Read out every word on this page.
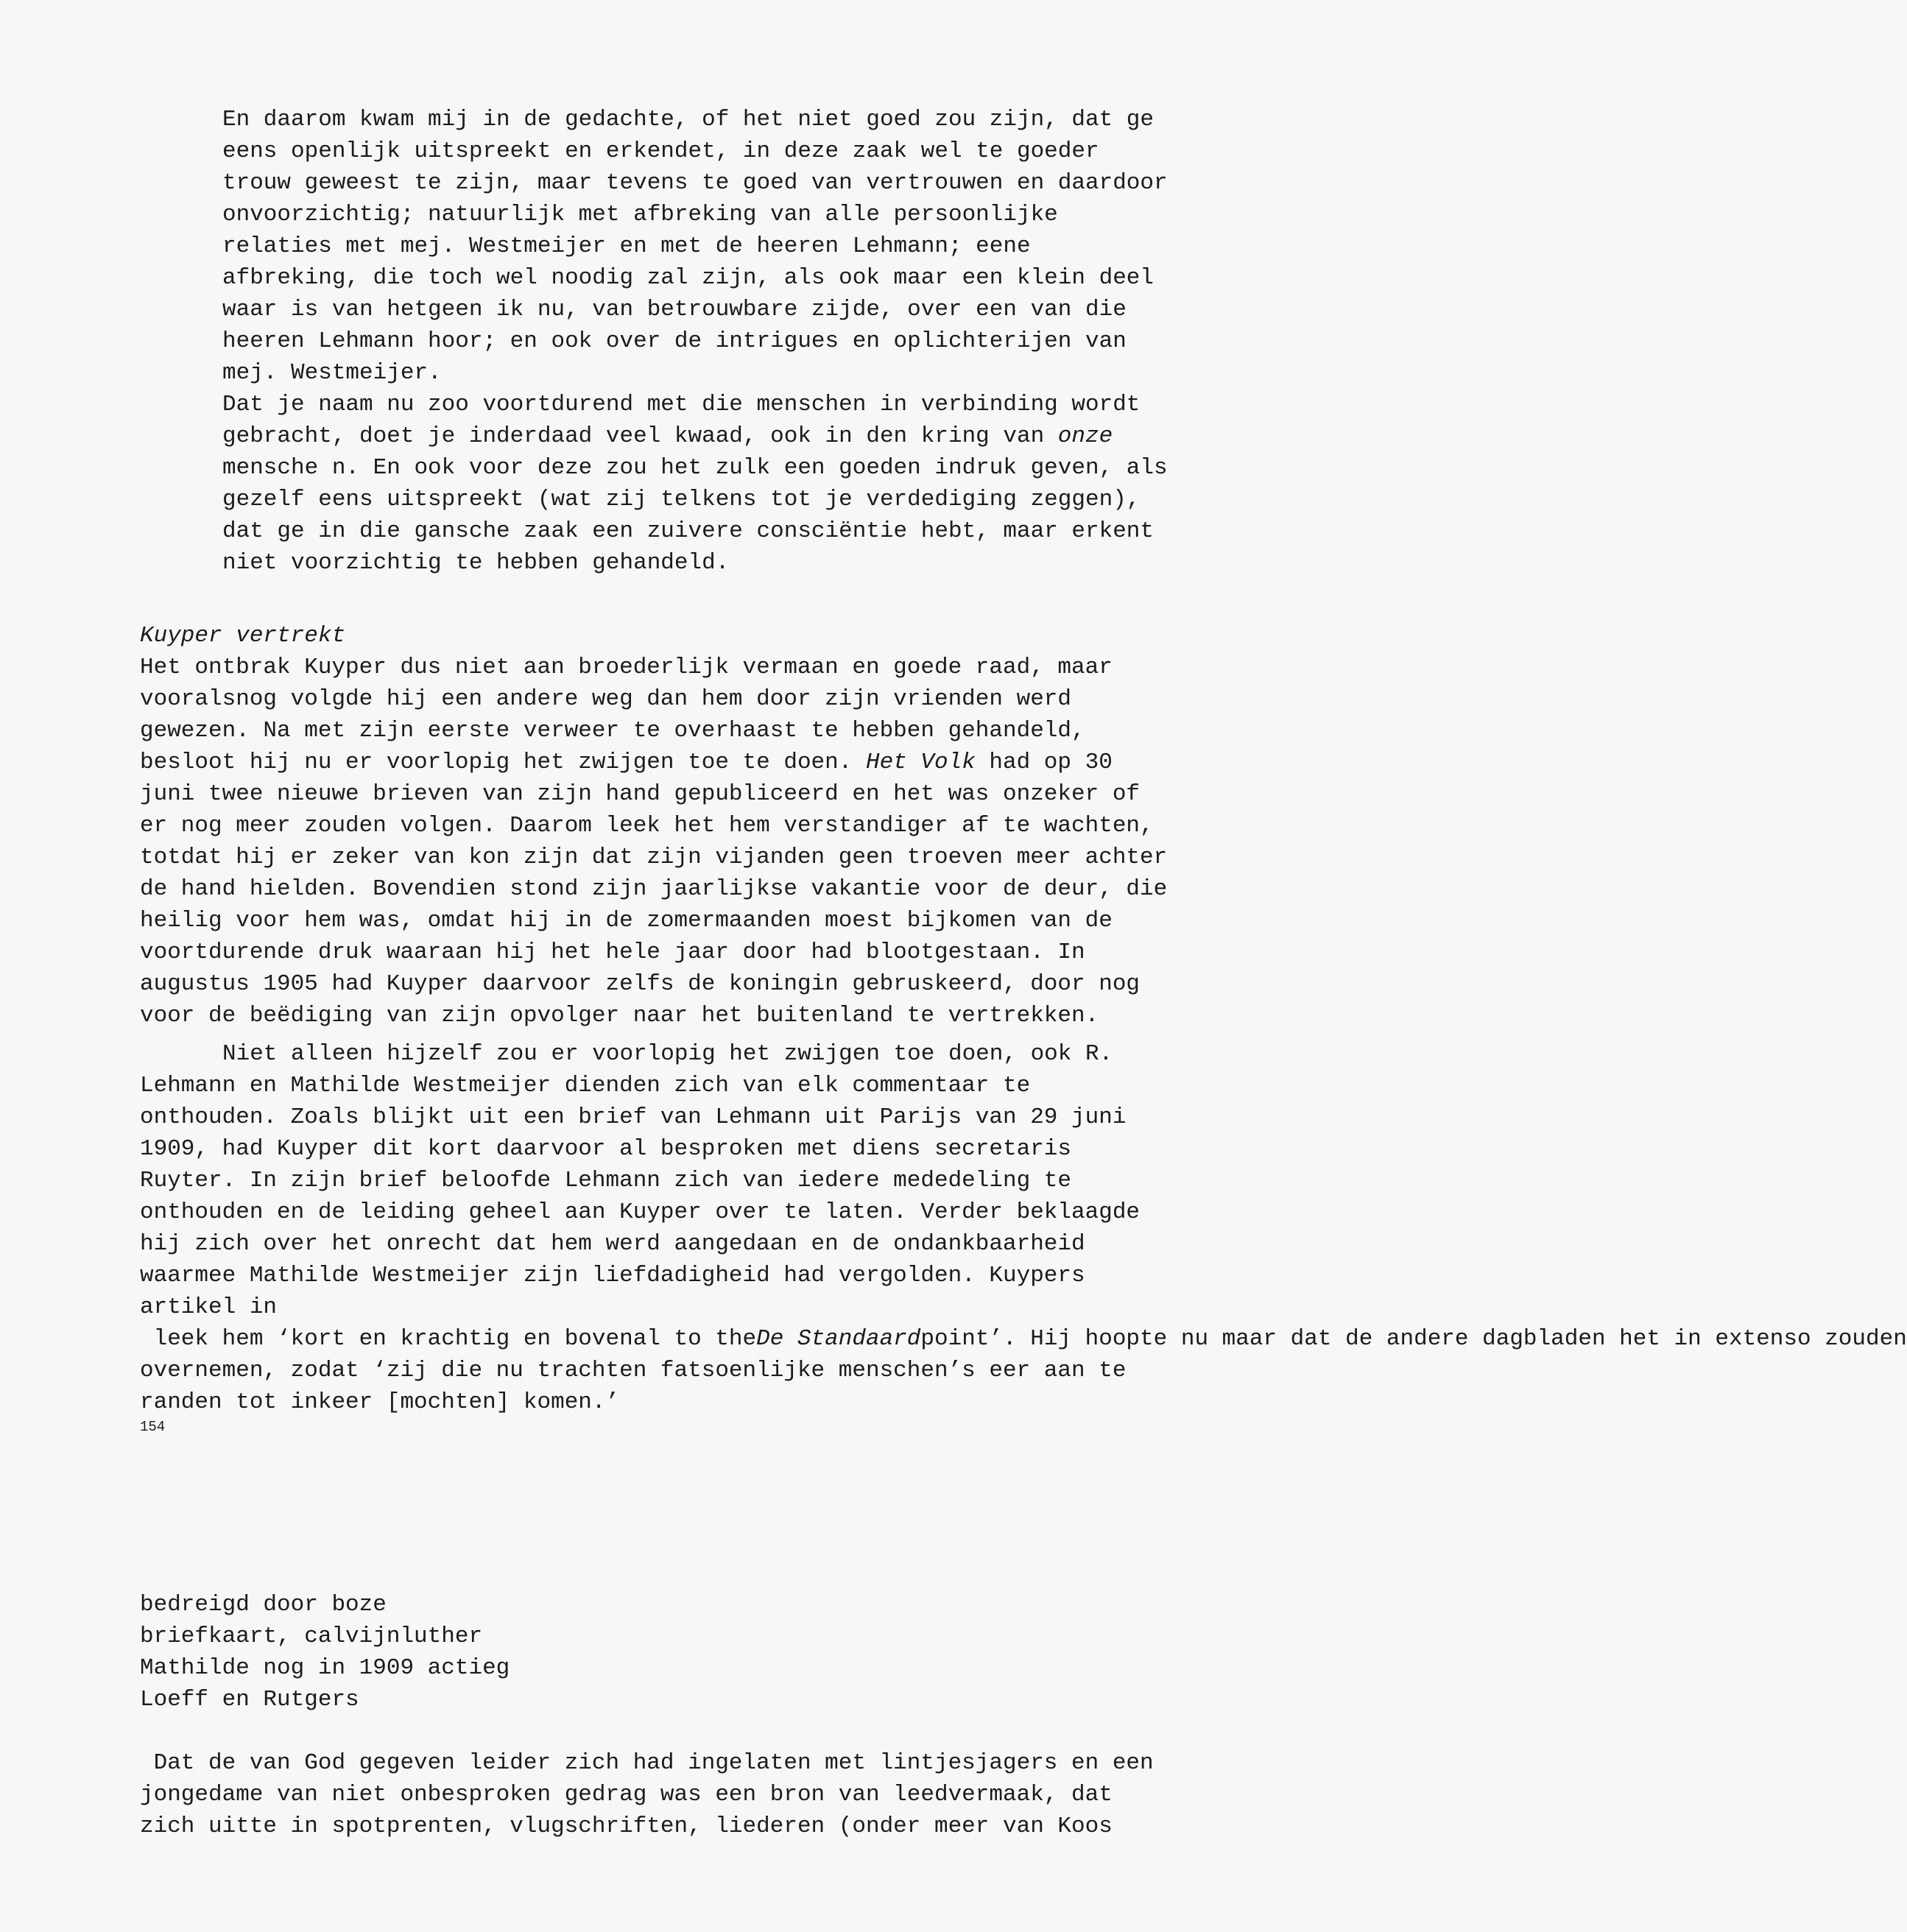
En daarom kwam mij in de gedachte, of het niet goed zou zijn, dat ge

eens openlijk uitspreekt en erkendet, in deze zaak wel te goeder

trouw geweest te zijn, maar tevens te goed van vertrouwen en daardoor

onvoorzichtig; natuurlijk met afbreking van alle persoonlijke

relaties met mej. Westmeijer en met de heeren Lehmann; eene

afbreking, die toch wel noodig zal zijn, als ook maar een klein deel

waar is van hetgeen ik nu, van betrouwbare zijde, over een van die

heeren Lehmann hoor; en ook over de intrigues en oplichterijen van

mej. Westmeijer.

Dat je naam nu zoo voortdurend met die menschen in verbinding wordt

gebracht, doet je inderdaad veel kwaad, ook in den kring van onze

mensche n. En ook voor deze zou het zulk een goeden indruk geven, als

gezelf eens uitspreekt (wat zij telkens tot je verdediging zeggen),

dat ge in die gansche zaak een zuivere consciëntie hebt, maar erkent

niet voorzichtig te hebben gehandeld.

Kuyper vertrekt

Het ontbrak Kuyper dus niet aan broederlijk vermaan en goede raad, maar

vooralsnog volgde hij een andere weg dan hem door zijn vrienden werd

gewezen. Na met zijn eerste verweer te overhaast te hebben gehandeld,

besloot hij nu er voorlopig het zwijgen toe te doen. Het Volk had op 30

juni twee nieuwe brieven van zijn hand gepubliceerd en het was onzeker of

er nog meer zouden volgen. Daarom leek het hem verstandiger af te wachten,

totdat hij er zeker van kon zijn dat zijn vijanden geen troeven meer achter

de hand hielden. Bovendien stond zijn jaarlijkse vakantie voor de deur, die

heilig voor hem was, omdat hij in de zomermaanden moest bijkomen van de

voortdurende druk waaraan hij het hele jaar door had blootgestaan. In

augustus 1905 had Kuyper daarvoor zelfs de koningin gebruskeerd, door nog

voor de beëdiging van zijn opvolger naar het buitenland te vertrekken.

Niet alleen hijzelf zou er voorlopig het zwijgen toe doen, ook R.

Lehmann en Mathilde Westmeijer dienden zich van elk commentaar te

onthouden. Zoals blijkt uit een brief van Lehmann uit Parijs van 29 juni

1909, had Kuyper dit kort daarvoor al besproken met diens secretaris

Ruyter. In zijn brief beloofde Lehmann zich van iedere mededeling te

onthouden en de leiding geheel aan Kuyper over te laten. Verder beklaagde

hij zich over het onrecht dat hem werd aangedaan en de ondankbaarheid

waarmee Mathilde Westmeijer zijn liefdadigheid had vergolden. Kuypers

artikel in

leek hem ‘kort en krachtig en bovenal to theDe Standaardpoint’. Hij hoopte nu maar dat de andere dagbladen het in extenso zouden

overnemen, zodat ‘zij die nu trachten fatsoenlijke menschen’s eer aan te

randen tot inkeer [mochten] komen.’

$^{154}$

bedreigd door boze

briefkaart, calvijnluther

Mathilde nog in 1909 actieg

Loeff en Rutgers

Dat de van God gegeven leider zich had ingelaten met lintjesjagers en een

jongedame van niet onbesproken gedrag was een bron van leedvermaak, dat

zich uitte in spotprenten, vlugschriften, liederen (onder meer van Koos
